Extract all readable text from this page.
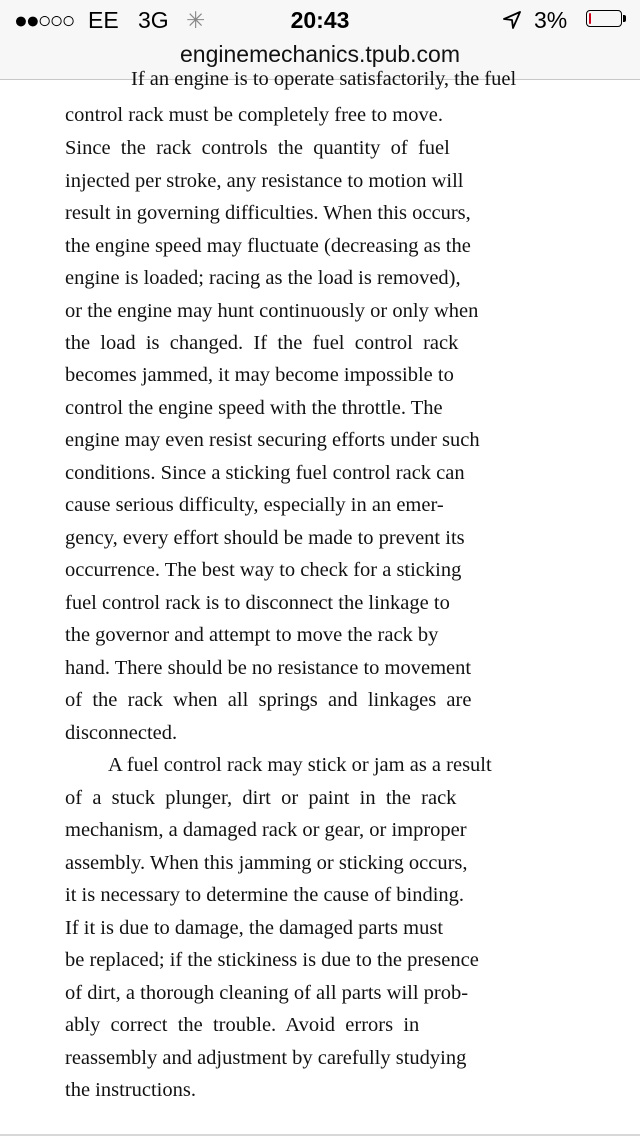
●●○○○ EE 3G ✳	20:43	3%
enginemechanics.tpub.com
If an engine is to operate satisfactorily, the fuel
control rack must be completely free to move.
Since  the  rack  controls  the  quantity  of  fuel
injected per stroke, any resistance to motion will
result in governing difficulties. When this occurs,
the engine speed may fluctuate (decreasing as the
engine is loaded; racing as the load is removed),
or the engine may hunt continuously or only when
the  load  is  changed.  If  the  fuel  control  rack
becomes jammed, it may become impossible to
control the engine speed with the throttle. The
engine may even resist securing efforts under such
conditions. Since a sticking fuel control rack can
cause serious difficulty, especially in an emer-
gency, every effort should be made to prevent its
occurrence. The best way to check for a sticking
fuel control rack is to disconnect the linkage to
the governor and attempt to move the rack by
hand. There should be no resistance to movement
of  the  rack  when  all  springs  and  linkages  are
disconnected.
A fuel control rack may stick or jam as a result
of  a  stuck  plunger,  dirt  or  paint  in  the  rack
mechanism, a damaged rack or gear, or improper
assembly. When this jamming or sticking occurs,
it is necessary to determine the cause of binding.
If it is due to damage, the damaged parts must
be replaced; if the stickiness is due to the presence
of dirt, a thorough cleaning of all parts will prob-
ably  correct  the  trouble.  Avoid  errors  in
reassembly and adjustment by carefully studying
the instructions.
